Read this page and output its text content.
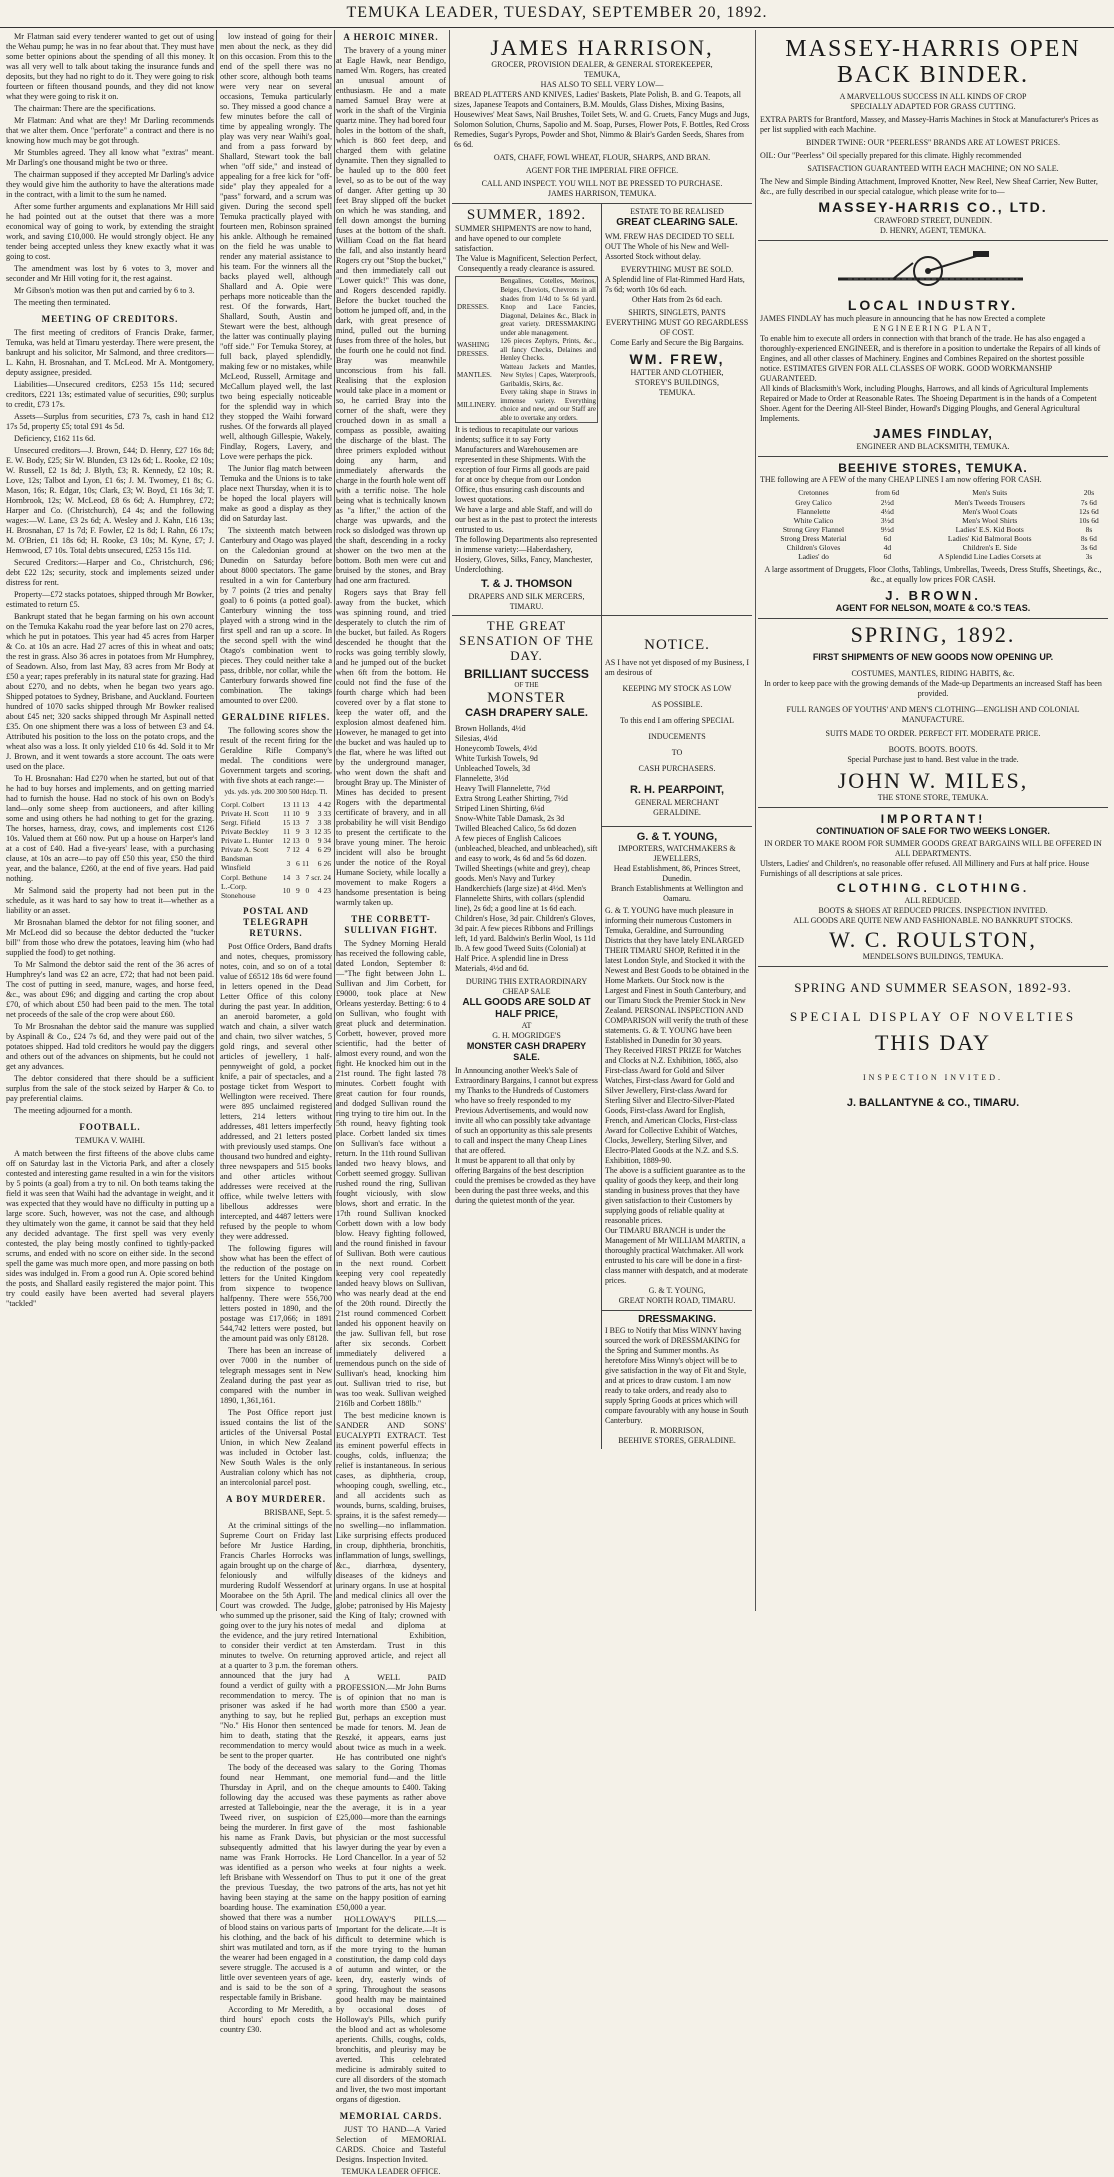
TEMUKA LEADER, TUESDAY, SEPTEMBER 20, 1892.

Mr Flatman said every tenderer wanted to get out of using the Wehau pump; he was in no fear about that. They must have some better opinions about the spending of all this money. It was all very well to talk about taking the insurance funds and deposits, but they had no right to do it. They were going to risk fourteen or fifteen thousand pounds, and they did not know what they were going to risk it on.

The chairman: There are the specifications.

Mr Flatman: And what are they! Mr Darling recommends that we alter them. Once "perforate" a contract and there is no knowing how much may be got through.

Mr Stumbles agreed. They all know what "extras" meant. Mr Darling's one thousand might be two or three.

The chairman supposed if they accepted Mr Darling's advice they would give him the authority to have the alterations made in the contract, with a limit to the sum he named.

After some further arguments and explanations Mr Hill said he had pointed out at the outset that there was a more economical way of going to work, by extending the straight work, and saving £10,000. He would strongly object. He any tender being accepted unless they knew exactly what it was going to cost.

The amendment was lost by 6 votes to 3, mover and seconder and Mr Hill voting for it, the rest against.

Mr Gibson's motion was then put and carried by 6 to 3.

The meeting then terminated.

MEETING OF CREDITORS.

The first meeting of creditors of Francis Drake, farmer, Temuka, was held at Timaru yesterday. There were present, the bankrupt and his solicitor, Mr Salmond, and three creditors—L. Kahn, H. Brosnahan, and T. McLeod. Mr A. Montgomery, deputy assignee, presided.

Liabilities—Unsecured creditors, £253 15s 11d; secured creditors, £221 13s; estimated value of securities, £90; surplus to credit, £73 17s.

Assets—Surplus from securities, £73 7s, cash in hand £12 17s 5d, property £5; total £91 4s 5d.

Deficiency, £162 11s 6d.

Unsecured creditors—J. Brown, £44; D. Henry, £27 16s 8d; E. W. Body, £25; Sir W. Blunden, £3 12s 6d; L. Rooke, £2 10s; W. Russell, £2 1s 8d; J. Blyth, £3; R. Kennedy, £2 10s; R. Love, 12s; Talbot and Lyon, £1 6s; J. M. Twomey, £1 8s; G. Mason, 16s; R. Edgar, 10s; Clark, £3; W. Boyd, £1 16s 3d; T. Hornbrook, 12s; W. McLeod, £8 6s 6d; A. Humphrey, £72; Harper and Co. (Christchurch), £4 4s; and the following wages:—W. Lane, £3 2s 6d; A. Wesley and J. Kahn, £16 13s; H. Brosnahan, £7 1s 7d; F. Fowler, £2 1s 8d; I. Rahn, £6 17s; M. O'Brien, £1 18s 6d; H. Rooke, £3 10s; M. Kyne, £7; J. Hemwood, £7 10s. Total debts unsecured, £253 15s 11d.

Secured Creditors:—Harper and Co., Christchurch, £96; debt £22 12s; security, stock and implements seized under distress for rent.

Property—£72 stacks potatoes, shipped through Mr Bowker, estimated to return £5.

Bankrupt stated that he began farming on his own account on the Temuka Kakahu road the year before last on 270 acres, which he put in potatoes. This year had 45 acres from Harper & Co. at 10s an acre. Had 27 acres of this in wheat and oats; the rest in grass. Also 36 acres in potatoes from Mr Humphrey, of Seadown. Also, from last May, 83 acres from Mr Body at £50 a year; rapes preferably in its natural state for grazing. Had about £270, and no debts, when he began two years ago. Shipped potatoes to Sydney, Brisbane, and Auckland. Fourteen hundred of 1070 sacks shipped through Mr Bowker realised about £45 net; 320 sacks shipped through Mr Aspinall netted £35. On one shipment there was a loss of between £3 and £4. Attributed his position to the loss on the potato crops, and the wheat also was a loss. It only yielded £10 6s 4d. Sold it to Mr J. Brown, and it went towards a store account. The oats were used on the place.

To H. Brosnahan: Had £270 when he started, but out of that he had to buy horses and implements, and on getting married had to furnish the house. Had no stock of his own on Body's land—only some sheep from auctioneers, and after killing some and using others he had nothing to get for the grazing. The horses, harness, dray, cows, and implements cost £126 10s. Valued them at £60 now. Put up a house on Harper's land at a cost of £40. Had a five-years' lease, with a purchasing clause, at 10s an acre—to pay off £50 this year, £50 the third year, and the balance, £260, at the end of five years. Had paid nothing.

Mr Salmond said the property had not been put in the schedule, as it was hard to say how to treat it—whether as a liability or an asset.

Mr Brosnahan blamed the debtor for not filing sooner, and Mr McLeod did so because the debtor deducted the "tucker bill" from those who drew the potatoes, leaving him (who had supplied the food) to get nothing.

To Mr Salmond the debtor said the rent of the 36 acres of Humphrey's land was £2 an acre, £72; that had not been paid. The cost of putting in seed, manure, wages, and horse feed, &c., was about £96; and digging and carting the crop about £70, of which about £50 had been paid to the men. The total net proceeds of the sale of the crop were about £60.

To Mr Brosnahan the debtor said the manure was supplied by Aspinall & Co., £24 7s 6d, and they were paid out of the potatoes shipped. Had told creditors he would pay the diggers and others out of the advances on shipments, but he could not get any advances.

The debtor considered that there should be a sufficient surplus from the sale of the stock seized by Harper & Co. to pay preferential claims.

The meeting adjourned for a month.

FOOTBALL.
TEMUKA V. WAIHI.

A match between the first fifteens of the above clubs came off on Saturday last in the Victoria Park, and after a closely contested and interesting game resulted in a win for the visitors by 5 points (a goal) from a try to nil. On both teams taking the field it was seen that Waihi had the advantage in weight, and it was expected that they would have no difficulty in putting up a large score. Such, however, was not the case, and although they ultimately won the game, it cannot be said that they held any decided advantage. The first spell was very evenly contested, the play being mostly confined to tightly-packed scrums, and ended with no score on either side. In the second spell the game was much more open, and more passing on both sides was indulged in. From a good run A. Opie scored behind the posts, and Shallard easily registered the major point. This try could easily have been averted had several players "tackled"

low instead of going for their men about the neck, as they did on this occasion. From this to the end of the spell there was no other score, although both teams were very near on several occasions, Temuka particularly so. They missed a good chance a few minutes before the call of time by appealing wrongly. The play was very near Waihi's goal, and from a pass forward by Shallard, Stewart took the ball when "off side," and instead of appealing for a free kick for "off-side" play they appealed for a "pass" forward, and a scrum was given. During the second spell Temuka practically played with fourteen men, Robinson sprained his ankle. Although he remained on the field he was unable to render any material assistance to his team. For the winners all the backs played well, although Shallard and A. Opie were perhaps more noticeable than the rest. Of the forwards, Hart, Shallard, South, Austin and Stewart were the best, although the latter was continually playing "off side." For Temuka Storey, at full back, played splendidly, making few or no mistakes, while McLeod, Russell, Armitage and McCallum played well, the last two being especially noticeable for the splendid way in which they stopped the Waihi forward rushes. Of the forwards all played well, although Gillespie, Wakely, Findlay, Rogers, Lavery, and Love were perhaps the pick.

The Junior flag match between Temuka and the Unions is to take place next Thursday, when it is to be hoped the local players will make as good a display as they did on Saturday last.

The sixteenth match between Canterbury and Otago was played on the Caledonian ground at Dunedin on Saturday before about 8000 spectators. The game resulted in a win for Canterbury by 7 points (2 tries and penalty goal) to 6 points (a potted goal). Canterbury winning the toss played with a strong wind in the first spell and ran up a score. In the second spell with the wind Otago's combination went to pieces. They could neither take a pass, dribble, nor collar, while the Canterbury forwards showed fine combination. The takings amounted to over £200.

GERALDINE RIFLES.

The following scores show the result of the recent firing for the Geraldine Rifle Company's medal. The conditions were Government targets and scoring, with five shots at each range:—

yds. yds. yds. 200 300 500 Hdcp. Tl.
Corpl. Colbert	13	11	13	4	42
Private H. Scott	11	10	9	3	33
Sergt. Fifield	15	13	7	3	38
Private Beckley	11	9	3	12	35
Private L. Hunter	12	13	0	9	34
Private A. Scott	7	12	4	6	29
Bandsman Winsfield	3	6	11	6	26
Corpl. Bethune	14	3	7	scr.	24
L.-Corp. Stonehouse	10	9	0	4	23
POSTAL AND TELEGRAPH RETURNS.

Post Office Orders, Band drafts and notes, cheques, promissory notes, coin, and so on of a total value of £6512 18s 6d were found in letters opened in the Dead Letter Office of this colony during the past year. In addition, an aneroid barometer, a gold watch and chain, a silver watch and chain, two silver watches, 5 gold rings, and several other articles of jewellery, 1 half-pennyweight of gold, a pocket knife, a pair of spectacles, and a postage ticket from Wesport to Wellington were received. There were 895 unclaimed registered letters, 214 letters without addresses, 481 letters imperfectly addressed, and 21 letters posted with previously used stamps. One thousand two hundred and eighty-three newspapers and 515 books and other articles without addresses were received at the office, while twelve letters with libellous addresses were intercepted, and 4487 letters were refused by the people to whom they were addressed.

The following figures will show what has been the effect of the reduction of the postage on letters for the United Kingdom from sixpence to twopence halfpenny. There were 556,700 letters posted in 1890, and the postage was £17,066; in 1891 544,742 letters were posted, but the amount paid was only £8128.

There has been an increase of over 7000 in the number of telegraph messages sent in New Zealand during the past year as compared with the number in 1890, 1,361,161.

The Post Office report just issued contains the list of the articles of the Universal Postal Union, in which New Zealand was included in October last. New South Wales is the only Australian colony which has not an intercolonial parcel post.

A BOY MURDERER.
BRISBANE, Sept. 5.

At the criminal sittings of the Supreme Court on Friday last before Mr Justice Harding, Francis Charles Horrocks was again brought up on the charge of feloniously and wilfully murdering Rudolf Wessendorf at Moorabee on the 5th April. The Court was crowded. The Judge, who summed up the prisoner, said going over to the jury his notes of the evidence, and the jury retired to consider their verdict at ten minutes to twelve. On returning at a quarter to 3 p.m. the foreman announced that the jury had found a verdict of guilty with a recommendation to mercy. The prisoner was asked if he had anything to say, but he replied "No." His Honor then sentenced him to death, stating that the recommendation to mercy would be sent to the proper quarter.

The body of the deceased was found near Hemmant, one Thursday in April, and on the following day the accused was arrested at Talleboingie, near the Tweed river, on suspicion of being the murderer. In first gave his name as Frank Davis, but subsequently admitted that his name was Frank Horrocks. He was identified as a person who left Brisbane with Wessendorf on the previous Tuesday, the two having been staying at the same boarding house. The examination showed that there was a number of blood stains on various parts of his clothing, and the back of his shirt was mutilated and torn, as if the wearer had been engaged in a severe struggle. The accused is a little over seventeen years of age, and is said to be the son of a respectable family in Brisbane.

According to Mr Meredith, a third hours' epoch costs the country £30.

A HEROIC MINER.

The bravery of a young miner at Eagle Hawk, near Bendigo, named Wm. Rogers, has created an unusual amount of enthusiasm. He and a mate named Samuel Bray were at work in the shaft of the Virginia quartz mine. They had bored four holes in the bottom of the shaft, which is 860 feet deep, and charged them with gelatine dynamite. Then they signalled to be hauled up to the 800 feet level, so as to be out of the way of danger. After getting up 30 feet Bray slipped off the bucket on which he was standing, and fell down amongst the burning fuses at the bottom of the shaft. William Coad on the flat heard the fall, and also instantly heard Rogers cry out "Stop the bucket," and then immediately call out "Lower quick!" This was done, and Rogers descended rapidly. Before the bucket touched the bottom he jumped off, and, in the dark, with great presence of mind, pulled out the burning fuses from three of the holes, but the fourth one he could not find. Bray was meanwhile unconscious from his fall. Realising that the explosion would take place in a moment or so, he carried Bray into the corner of the shaft, were they crouched down in as small a compass as possible, awaiting the discharge of the blast. The three primers exploded without doing any harm, and immediately afterwards the charge in the fourth hole went off with a terrific noise. The hole being what is technically known as "a lifter," the action of the charge was upwards, and the rock so dislodged was thrown up the shaft, descending in a rocky shower on the two men at the bottom. Both men were cut and bruised by the stones, and Bray had one arm fractured.

Rogers says that Bray fell away from the bucket, which was spinning round, and tried desperately to clutch the rim of the bucket, but failed. As Rogers descended he thought that the rocks was going terribly slowly, and he jumped out of the bucket when 6ft from the bottom. He could not find the fuse of the fourth charge which had been covered over by a flat stone to keep the water off, and the explosion almost deafened him. However, he managed to get into the bucket and was hauled up to the flat, where he was lifted out by the underground manager, who went down the shaft and brought Bray up. The Minister of Mines has decided to present Rogers with the departmental certificate of bravery, and in all probability he will visit Bendigo to present the certificate to the brave young miner. The heroic incident will also be brought under the notice of the Royal Humane Society, while locally a movement to make Rogers a handsome presentation is being warmly taken up.

THE CORBETT-SULLIVAN FIGHT.

The Sydney Morning Herald has received the following cable, dated London, September 8:—"The fight between John L. Sullivan and Jim Corbett, for £9000, took place at New Orleans yesterday. Betting: 6 to 4 on Sullivan, who fought with great pluck and determination. Corbett, however, proved more scientific, had the better of almost every round, and won the fight. He knocked him out in the 21st round. The fight lasted 78 minutes. Corbett fought with great caution for four rounds, and dodged Sullivan round the ring trying to tire him out. In the 5th round, heavy fighting took place. Corbett landed six times on Sullivan's face without a return. In the 11th round Sullivan landed two heavy blows, and Corbett seemed groggy. Sullivan rushed round the ring, Sullivan fought viciously, with slow blows, short and erratic. In the 17th round Sullivan knocked Corbett down with a low body blow. Heavy fighting followed, and the round finished in favour of Sullivan. Both were cautious in the next round. Corbett keeping very cool repeatedly landed heavy blows on Sullivan, who was nearly dead at the end of the 20th round. Directly the 21st round commenced Corbett landed his opponent heavily on the jaw. Sullivan fell, but rose after six seconds. Corbett immediately delivered a tremendous punch on the side of Sullivan's head, knocking him out. Sullivan tried to rise, but was too weak. Sullivan weighed 216lb and Corbett 188lb."

The best medicine known is SANDER AND SONS' EUCALYPTI EXTRACT. Test its eminent powerful effects in coughs, colds, influenza; the relief is instantaneous. In serious cases, as diphtheria, croup, whooping cough, swelling, etc., and all accidents such as wounds, burns, scalding, bruises, sprains, it is the safest remedy—no swelling—no inflammation. Like surprising effects produced in croup, diphtheria, bronchitis, inflammation of lungs, swellings, &c., diarrhœa, dysentery, diseases of the kidneys and urinary organs. In use at hospital and medical clinics all over the globe; patronised by His Majesty the King of Italy; crowned with medal and diploma at International Exhibition, Amsterdam. Trust in this approved article, and reject all others.

A WELL PAID PROFESSION.—Mr John Burns is of opinion that no man is worth more than £500 a year. But, perhaps an exception must be made for tenors. M. Jean de Reszké, it appears, earns just about twice as much in a week. He has contributed one night's salary to the Goring Thomas memorial fund—and the little cheque amounts to £400. Taking these payments as rather above the average, it is in a year £25,000—more than the earnings of the most fashionable physician or the most successful lawyer during the year by even a Lord Chancellor. In a year of 52 weeks at four nights a week. Thus to put it one of the great patrons of the arts, has not yet hit on the happy position of earning £50,000 a year.

HOLLOWAY'S PILLS.—Important for the delicate.—It is difficult to determine which is the more trying to the human constitution, the damp cold days of autumn and winter, or the keen, dry, easterly winds of spring. Throughout the seasons good health may be maintained by occasional doses of Holloway's Pills, which purify the blood and act as wholesome aperients. Chills, coughs, colds, bronchitis, and pleurisy may be averted. This celebrated medicine is admirably suited to cure all disorders of the stomach and liver, the two most important organs of digestion.

MEMORIAL CARDS.

JUST TO HAND—A Varied Selection of MEMORIAL CARDS. Choice and Tasteful Designs. Inspection Invited.

TEMUKA LEADER OFFICE.
JAMES HARRISON,
GROCER, PROVISION DEALER, & GENERAL STOREKEEPER,
TEMUKA,
HAS ALSO TO SELL VERY LOW—
BREAD PLATTERS AND KNIVES, Ladies' Baskets, Plate Polish, B. and G. Teapots, all sizes, Japanese Teapots and Containers, B.M. Moulds, Glass Dishes, Mixing Basins, Housewives' Meat Saws, Nail Brushes, Toilet Sets, W. and G. Cruets, Fancy Mugs and Jugs, Solomon Solution, Churns, Sapolio and M. Soap, Purses, Flower Pots, F. Bottles, Red Cross Remedies, Sugar's Pyrops, Powder and Shot, Nimmo & Blair's Garden Seeds, Shares from 6s 6d.
OATS, CHAFF, FOWL WHEAT, FLOUR, SHARPS, AND BRAN.
AGENT FOR THE IMPERIAL FIRE OFFICE.
CALL AND INSPECT. YOU WILL NOT BE PRESSED TO PURCHASE.
JAMES HARRISON, TEMUKA.
SUMMER, 1892.
SUMMER SHIPMENTS are now to hand, and have opened to our complete satisfaction.
The Value is Magnificent, Selection Perfect,
Consequently a ready clearance is assured.
DRESSES.	Bengalines, Cotelles, Merinos, Beiges, Cheviots, Chevrons in all shades from 1/4d to 5s 6d yard. Knop and Lace Fancies, Diagonal, Delaines &c., Black in great variety. DRESSMAKING under able management.
WASHING DRESSES.	126 pieces Zephyrs, Prints, &c., all fancy Checks, Delaines and Henley Checks.
MANTLES.	Watteau Jackets and Mantles, New Styles | Capes, Waterproofs, Garibaldis, Skirts, &c.
MILLINERY.	Every taking shape in Straws in immense variety. Everything choice and new, and our Staff are able to overtake any orders.
It is tedious to recapitulate our various indents; suffice it to say Forty Manufacturers and Warehousemen are represented in these Shipments. With the exception of four Firms all goods are paid for at once by cheque from our London Office, thus ensuring cash discounts and lowest quotations.
We have a large and able Staff, and will do our best as in the past to protect the interests entrusted to us.
The following Departments also represented in immense variety:—Haberdashery, Hosiery, Gloves, Silks, Fancy, Manchester, Underclothing.
T. & J. THOMSON
DRAPERS AND SILK MERCERS, TIMARU.
ESTATE TO BE REALISED
GREAT CLEARING SALE.
WM. FREW HAS DECIDED TO SELL OUT The Whole of his New and Well-Assorted Stock without delay.
EVERYTHING MUST BE SOLD.
A Splendid line of Flat-Rimmed Hard Hats, 7s 6d; worth 10s 6d each.
Other Hats from 2s 6d each.
SHIRTS, SINGLETS, PANTS
EVERYTHING MUST GO REGARDLESS OF COST.
Come Early and Secure the Big Bargains.
WM. FREW,
HATTER AND CLOTHIER,
STOREY'S BUILDINGS,
TEMUKA.
THE GREAT SENSATION OF THE DAY.
BRILLIANT SUCCESS
OF THE
MONSTER
CASH DRAPERY SALE.
Brown Hollands, 4½d
Silesias, 4½d
Honeycomb Towels, 4½d
White Turkish Towels, 9d
Unbleached Towels, 3d
Flannelette, 3½d
Heavy Twill Flannelette, 7½d
Extra Strong Leather Shirting, 7½d
Striped Linen Shirting, 6¼d
Snow-White Table Damask, 2s 3d
Twilled Bleached Calico, 5s 6d dozen
A few pieces of English Calicoes (unbleached, bleached, and unbleached), sift and easy to work, 4s 6d and 5s 6d dozen. Twilled Sheetings (white and grey), cheap goods. Men's Navy and Turkey Handkerchiefs (large size) at 4½d. Men's Flannelette Shirts, with collars (splendid line), 2s 6d; a good line at 1s 6d each. Children's Hose, 3d pair. Children's Gloves, 3d pair. A few pieces Ribbons and Frillings left, 1d yard. Baldwin's Berlin Wool, 1s 11d lb. A few good Tweed Suits (Colonial) at Half Price. A splendid line in Dress Materials, 4½d and 6d.
DURING THIS EXTRAORDINARY CHEAP SALE
ALL GOODS ARE SOLD AT HALF PRICE,
AT
G. H. MOGRIDGE'S
MONSTER CASH DRAPERY SALE.
In Announcing another Week's Sale of Extraordinary Bargains, I cannot but express my Thanks to the Hundreds of Customers who have so freely responded to my Previous Advertisements, and would now invite all who can possibly take advantage of such an opportunity as this sale presents to call and inspect the many Cheap Lines that are offered.
It must be apparent to all that only by offering Bargains of the best description could the premises be crowded as they have been during the past three weeks, and this during the quietest month of the year.
NOTICE.
AS I have not yet disposed of my Business, I am desirous of
KEEPING MY STOCK AS LOW
AS POSSIBLE.
To this end I am offering SPECIAL
INDUCEMENTS
TO
CASH PURCHASERS.
R. H. PEARPOINT,
GENERAL MERCHANT
GERALDINE.
G. & T. YOUNG,
IMPORTERS, WATCHMAKERS & JEWELLERS,
Head Establishment, 86, Princes Street, Dunedin.
Branch Establishments at Wellington and Oamaru.
G. & T. YOUNG have much pleasure in informing their numerous Customers in Temuka, Geraldine, and Surrounding Districts that they have lately ENLARGED THEIR TIMARU SHOP, Refitted it in the latest London Style, and Stocked it with the Newest and Best Goods to be obtained in the Home Markets. Our Stock now is the Largest and Finest in South Canterbury, and our Timaru Stock the Premier Stock in New Zealand. PERSONAL INSPECTION AND COMPARISON will verify the truth of these statements. G. & T. YOUNG have been Established in Dunedin for 30 years.
They Received FIRST PRIZE for Watches and Clocks at N.Z. Exhibition, 1865, also First-class Award for Gold and Silver Watches, First-class Award for Gold and Silver Jewellery, First-class Award for Sterling Silver and Electro-Silver-Plated Goods, First-class Award for English, French, and American Clocks, First-class Award for Collective Exhibit of Watches, Clocks, Jewellery, Sterling Silver, and Electro-Plated Goods at the N.Z. and S.S. Exhibition, 1889-90.
The above is a sufficient guarantee as to the quality of goods they keep, and their long standing in business proves that they have given satisfaction to their Customers by supplying goods of reliable quality at reasonable prices.
Our TIMARU BRANCH is under the Management of Mr WILLIAM MARTIN, a thoroughly practical Watchmaker. All work entrusted to his care will be done in a first-class manner with despatch, and at moderate prices.
G. & T. YOUNG,
GREAT NORTH ROAD, TIMARU.
DRESSMAKING.
I BEG to Notify that Miss WINNY having sourced the work of DRESSMAKING for the Spring and Summer months. As heretofore Miss Winny's object will be to give satisfaction in the way of Fit and Style, and at prices to draw custom. I am now ready to take orders, and ready also to supply Spring Goods at prices which will compare favourably with any house in South Canterbury.
R. MORRISON,
BEEHIVE STORES, GERALDINE.
MASSEY-HARRIS OPEN BACK BINDER.
A MARVELLOUS SUCCESS IN ALL KINDS OF CROP
SPECIALLY ADAPTED FOR GRASS CUTTING.
EXTRA PARTS for Brantford, Massey, and Massey-Harris Machines in Stock at Manufacturer's Prices as per list supplied with each Machine.
BINDER TWINE: OUR "PEERLESS" BRANDS ARE AT LOWEST PRICES.
OIL: Our "Peerless" Oil specially prepared for this climate. Highly recommended
SATISFACTION GUARANTEED WITH EACH MACHINE; ON NO SALE.
The New and Simple Binding Attachment, Improved Knotter, New Reel, New Sheaf Carrier, New Butter, &c., are fully described in our special catalogue, which please write for to—
MASSEY-HARRIS CO., LTD.
CRAWFORD STREET, DUNEDIN.
D. HENRY, AGENT, TEMUKA.
LOCAL INDUSTRY.
JAMES FINDLAY has much pleasure in announcing that he has now Erected a complete
ENGINEERING PLANT,
To enable him to execute all orders in connection with that branch of the trade. He has also engaged a thoroughly-experienced ENGINEER, and is therefore in a position to undertake the Repairs of all kinds of Engines, and all other classes of Machinery. Engines and Combines Repaired on the shortest possible notice. ESTIMATES GIVEN FOR ALL CLASSES OF WORK. GOOD WORKMANSHIP GUARANTEED.
All kinds of Blacksmith's Work, including Ploughs, Harrows, and all kinds of Agricultural Implements Repaired or Made to Order at Reasonable Rates. The Shoeing Department is in the hands of a Competent Shoer. Agent for the Deering All-Steel Binder, Howard's Digging Ploughs, and General Agricultural Implements.
JAMES FINDLAY,
ENGINEER AND BLACKSMITH, TEMUKA.
BEEHIVE STORES, TEMUKA.
THE following are A FEW of the many CHEAP LINES I am now offering FOR CASH.
Cretonnes	from 6d	Men's Suits	20s
Grey Calico	2½d	Men's Tweeds Trousers	7s 6d
Flannelette	4¼d	Men's Wool Coats	12s 6d
White Calico	3½d	Men's Wool Shirts	10s 6d
Strong Grey Flannel	9½d	Ladies' E.S. Kid Boots	8s
Strong Dress Material	6d	Ladies' Kid Balmoral Boots	8s 6d
Children's Gloves	4d	Children's E. Side	3s 6d
Ladies' do	6d	A Splendid Line Ladies Corsets at	3s
A large assortment of Druggets, Floor Cloths, Tablings, Umbrellas, Tweeds, Dress Stuffs, Sheetings, &c., &c., at equally low prices FOR CASH.
J. BROWN.
AGENT FOR NELSON, MOATE & CO.'S TEAS.
SPRING, 1892.
FIRST SHIPMENTS OF NEW GOODS NOW OPENING UP.
COSTUMES, MANTLES, RIDING HABITS, &c.
In order to keep pace with the growing demands of the Made-up Departments an increased Staff has been provided.
FULL RANGES OF YOUTHS' AND MEN'S CLOTHING—ENGLISH AND COLONIAL MANUFACTURE.
SUITS MADE TO ORDER. PERFECT FIT. MODERATE PRICE.
BOOTS. BOOTS. BOOTS.
Special Purchase just to hand. Best value in the trade.
JOHN W. MILES,
THE STONE STORE, TEMUKA.
IMPORTANT!
CONTINUATION OF SALE FOR TWO WEEKS LONGER.
IN ORDER TO MAKE ROOM FOR SUMMER GOODS GREAT BARGAINS WILL BE OFFERED IN ALL DEPARTMENTS.
Ulsters, Ladies' and Children's, no reasonable offer refused. All Millinery and Furs at half price. House Furnishings of all descriptions at sale prices.
CLOTHING. CLOTHING.
ALL REDUCED.
BOOTS & SHOES AT REDUCED PRICES. INSPECTION INVITED.
ALL GOODS ARE QUITE NEW AND FASHIONABLE. NO BANKRUPT STOCKS.
W. C. ROULSTON,
MENDELSON'S BUILDINGS, TEMUKA.
SPRING AND SUMMER SEASON, 1892-93.
SPECIAL DISPLAY OF NOVELTIES
THIS DAY
INSPECTION INVITED.
J. BALLANTYNE & CO., TIMARU.
